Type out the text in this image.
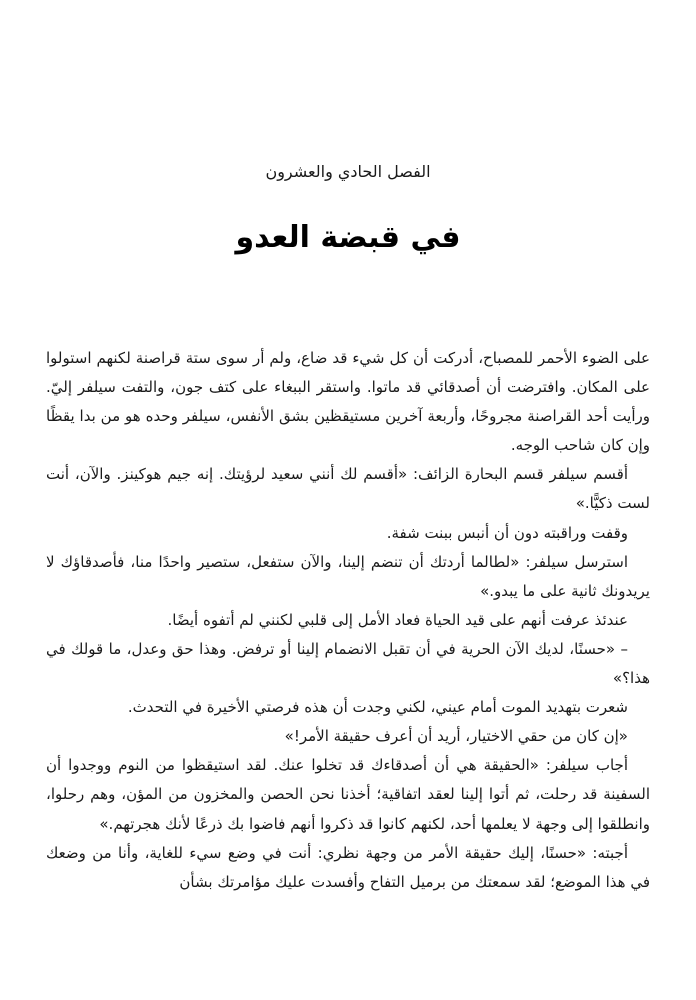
الفصل الحادي والعشرون
في قبضة العدو

على الضوء الأحمر للمصباح، أدركت أن كل شيء قد ضاع، ولم أر سوى ستة قراصنة لكنهم استولوا على المكان. وافترضت أن أصدقائي قد ماتوا. واستقر الببغاء على كتف جون، والتفت سيلفر إليّ. ورأيت أحد القراصنة مجروحًا، وأربعة آخرين مستيقظين بشق الأنفس، سيلفر وحده هو من بدا يقظًا وإن كان شاحب الوجه.

أقسم سيلفر قسم البحارة الزائف: «أقسم لك أنني سعيد لرؤيتك. إنه جيم هوكينز. والآن، أنت لست ذكيًّا.»

وقفت وراقبته دون أن أنبس ببنت شفة.

استرسل سيلفر: «لطالما أردتك أن تنضم إلينا، والآن ستفعل، ستصير واحدًا منا، فأصدقاؤك لا يريدونك ثانية على ما يبدو.»

عندئذ عرفت أنهم على قيد الحياة فعاد الأمل إلى قلبي لكنني لم أتفوه أيضًا.

– «حسنًا، لديك الآن الحرية في أن تقبل الانضمام إلينا أو ترفض. وهذا حق وعدل، ما قولك في هذا؟»

شعرت بتهديد الموت أمام عيني، لكني وجدت أن هذه فرصتي الأخيرة في التحدث.

«إن كان من حقي الاختيار، أريد أن أعرف حقيقة الأمر!»

أجاب سيلفر: «الحقيقة هي أن أصدقاءك قد تخلوا عنك. لقد استيقظوا من النوم ووجدوا أن السفينة قد رحلت، ثم أتوا إلينا لعقد اتفاقية؛ أخذنا نحن الحصن والمخزون من المؤن، وهم رحلوا، وانطلقوا إلى وجهة لا يعلمها أحد، لكنهم كانوا قد ذكروا أنهم فاضوا بك ذرعًا لأنك هجرتهم.»

أجبته: «حسنًا، إليك حقيقة الأمر من وجهة نظري: أنت في وضع سيء للغاية، وأنا من وضعك في هذا الموضع؛ لقد سمعتك من برميل التفاح وأفسدت عليك مؤامرتك بشأن
